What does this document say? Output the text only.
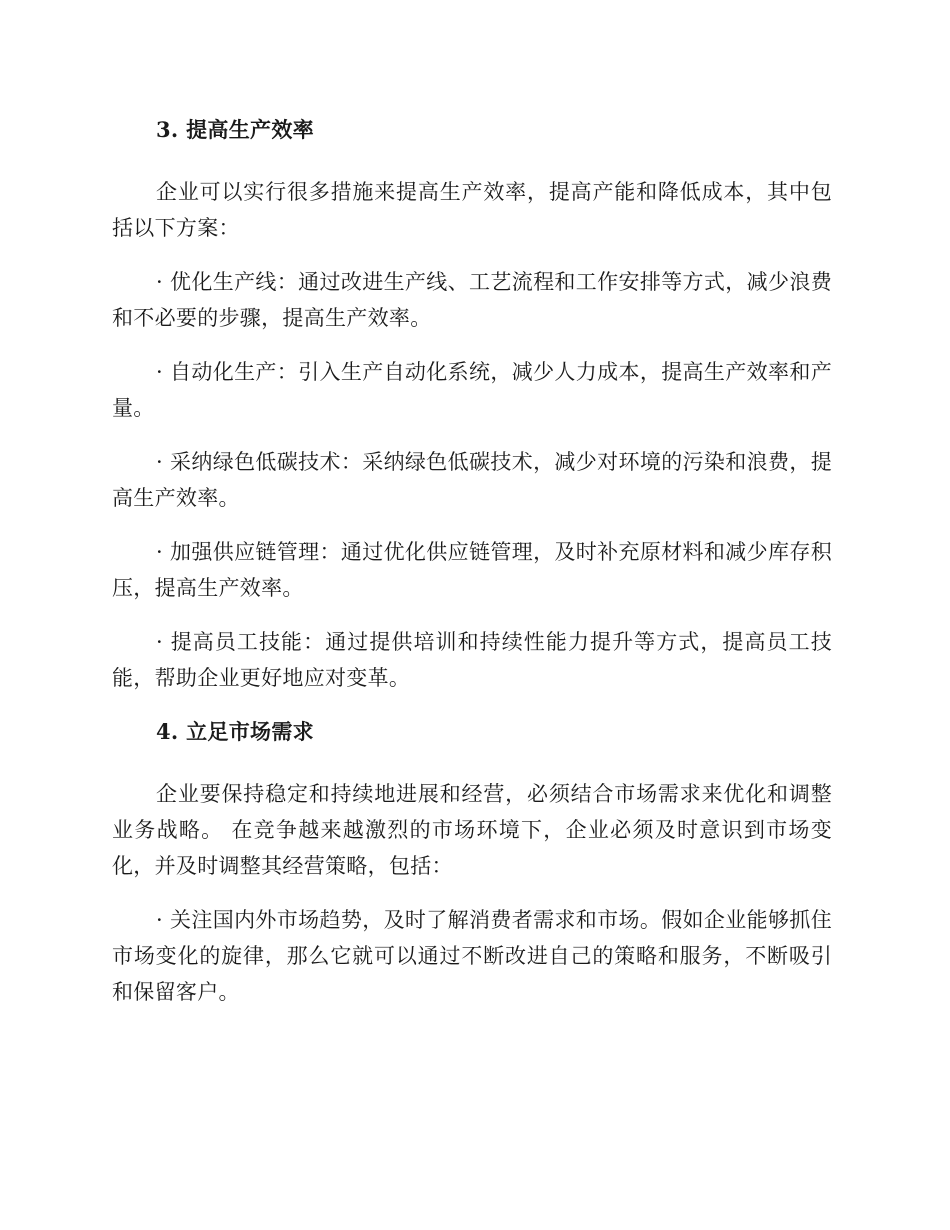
3. 提高生产效率

企业可以实行很多措施来提高生产效率，提高产能和降低成本，其中包括以下方案：

· 优化生产线：通过改进生产线、工艺流程和工作安排等方式，减少浪费和不必要的步骤，提高生产效率。

· 自动化生产：引入生产自动化系统，减少人力成本，提高生产效率和产量。

· 采纳绿色低碳技术：采纳绿色低碳技术，减少对环境的污染和浪费，提高生产效率。

· 加强供应链管理：通过优化供应链管理，及时补充原材料和减少库存积压，提高生产效率。

· 提高员工技能：通过提供培训和持续性能力提升等方式，提高员工技能，帮助企业更好地应对变革。

4. 立足市场需求

企业要保持稳定和持续地进展和经营，必须结合市场需求来优化和调整业务战略。 在竞争越来越激烈的市场环境下，企业必须及时意识到市场变化，并及时调整其经营策略，包括：

· 关注国内外市场趋势，及时了解消费者需求和市场。假如企业能够抓住市场变化的旋律，那么它就可以通过不断改进自己的策略和服务，不断吸引和保留客户。
